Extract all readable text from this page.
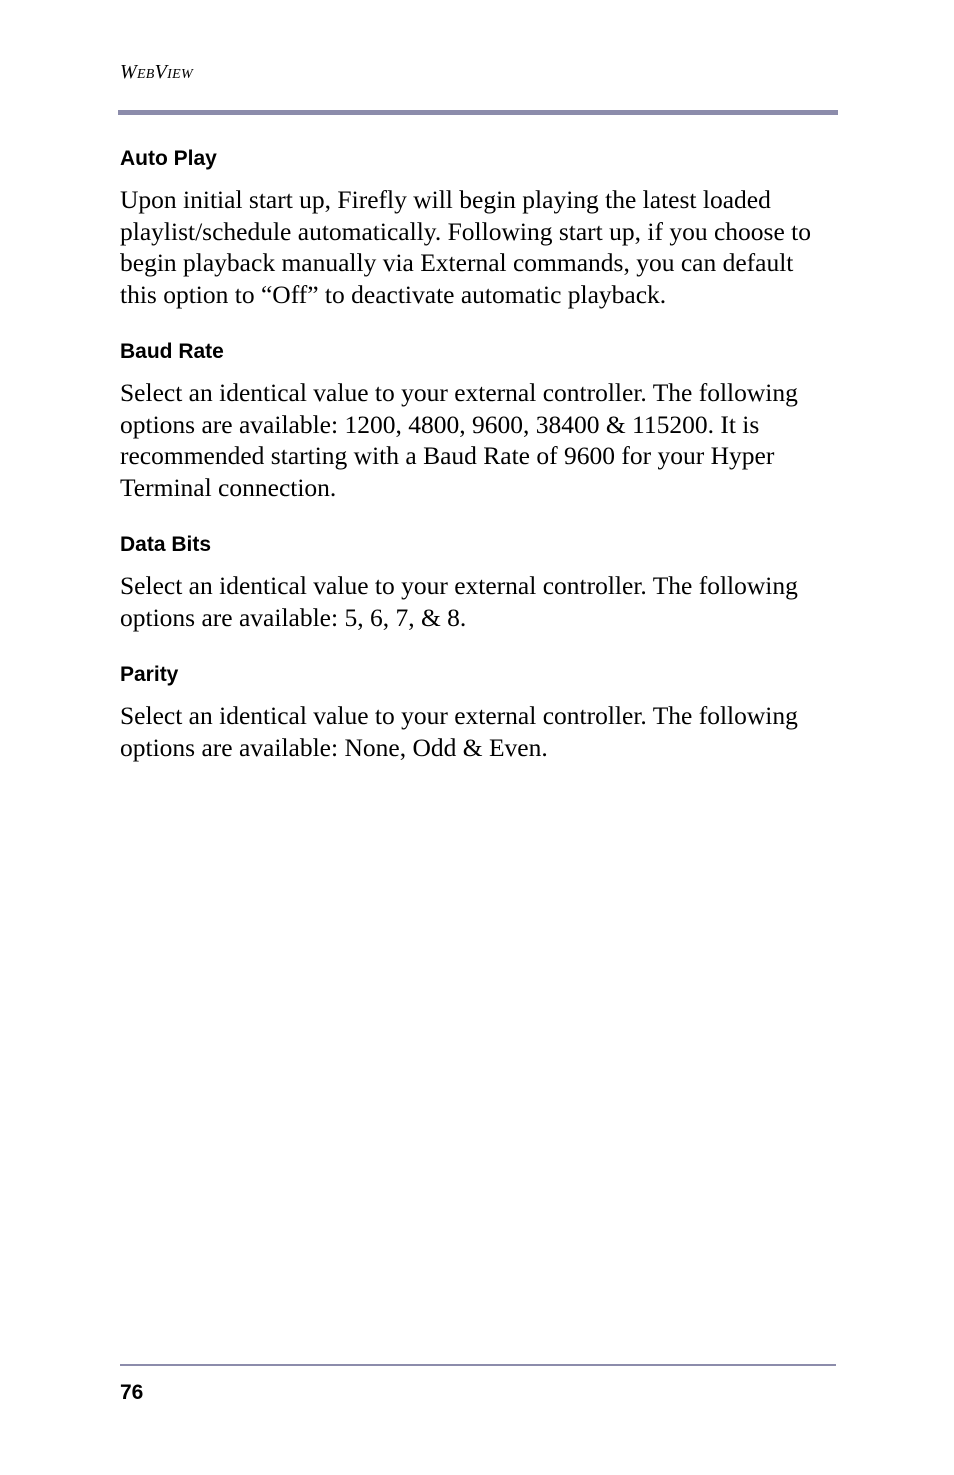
WebView
Auto Play

Upon initial start up, Firefly will begin playing the latest loaded playlist/schedule automatically. Following start up, if you choose to begin playback manually via External commands, you can default this option to “Off” to deactivate automatic playback.

Baud Rate

Select an identical value to your external controller. The following options are available: 1200, 4800, 9600, 38400 & 115200. It is recommended starting with a Baud Rate of 9600 for your Hyper Terminal connection.

Data Bits

Select an identical value to your external controller. The following options are available: 5, 6, 7, & 8.

Parity

Select an identical value to your external controller. The following options are available: None, Odd & Even.

76
